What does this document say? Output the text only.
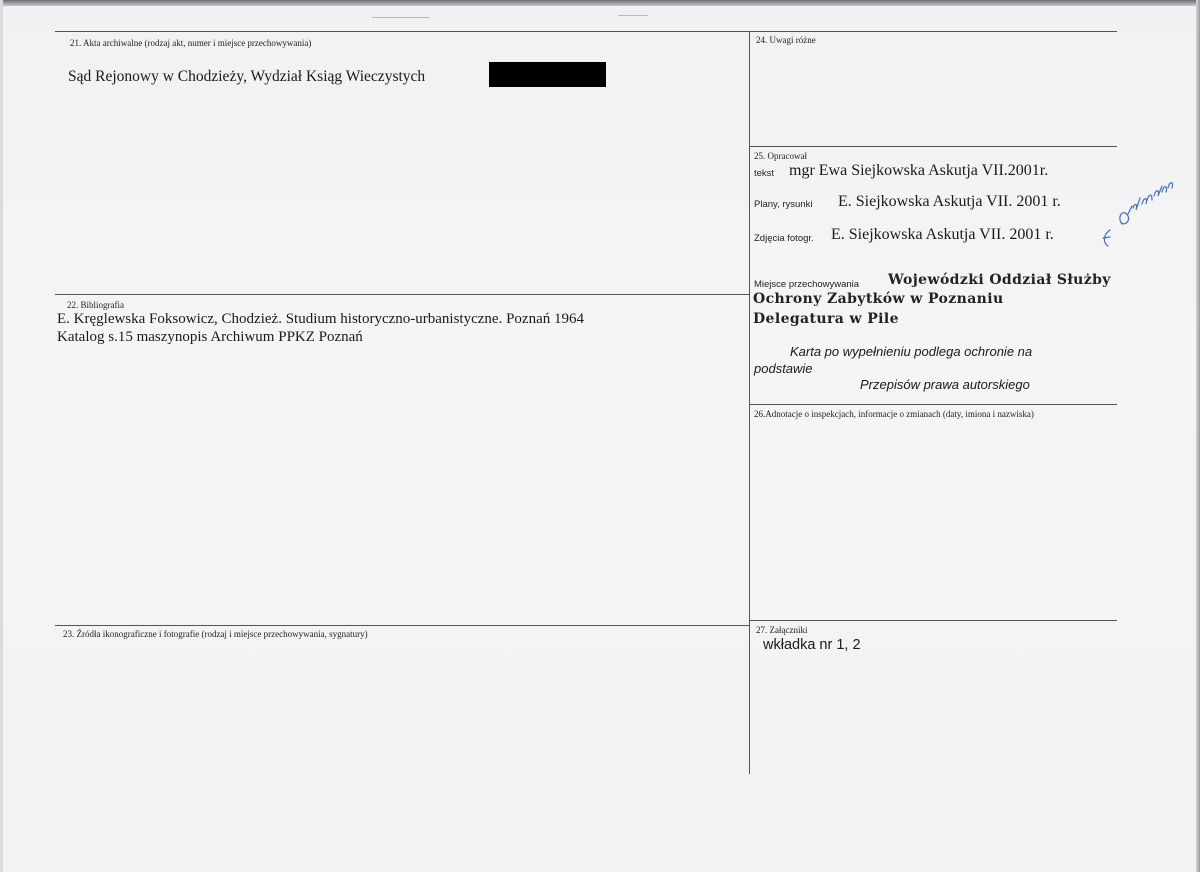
21. Akta archiwalne (rodzaj akt, numer i miejsce przechowywania)
Sąd Rejonowy w Chodzieży, Wydział Ksiąg Wieczystych
22. Bibliografia
E. Kręglewska Foksowicz, Chodzież. Studium historyczno-urbanistyczne. Poznań 1964
Katalog s.15 maszynopis Archiwum PPKZ Poznań
23. Źródła ikonograficzne i fotografie (rodzaj i miejsce przechowywania, sygnatury)
24. Uwagi różne
25. Opracował
tekst mgr Ewa Siejkowska Askutja VII.2001r.
Plany, rysunki E. Siejkowska Askutja VII. 2001 r.
Zdjęcia fotogr. E. Siejkowska Askutja VII. 2001 r.
Miejsce przechowywania Wojewódzki Oddział Służby
Ochrony Zabytków w Poznaniu
Delegatura w Pile
Karta po wypełnieniu podlega ochronie na
podstawie
Przepisów prawa autorskiego
26.Adnotacje o inspekcjach, informacje o zmianach (daty, imiona i nazwiska)
27. Załączniki
wkładka nr 1, 2
